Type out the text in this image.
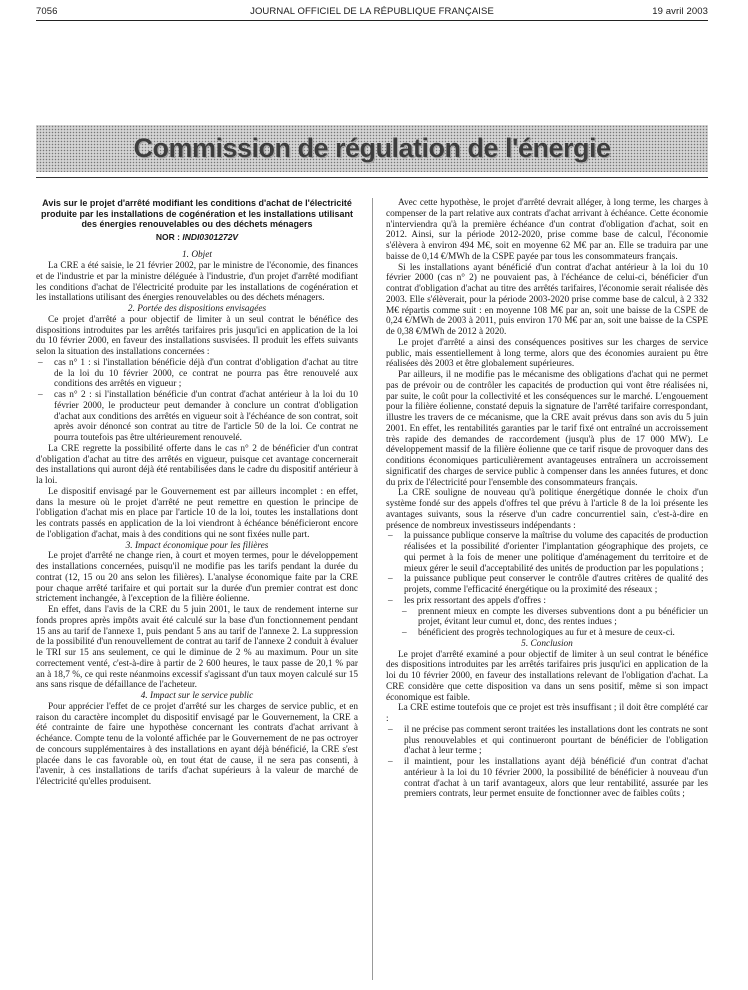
7056	JOURNAL OFFICIEL DE LA RÉPUBLIQUE FRANÇAISE	19 avril 2003
Commission de régulation de l'énergie

Avis sur le projet d'arrêté modifiant les conditions d'achat de l'électricité produite par les installations de cogénération et les installations utilisant des énergies renouvelables ou des déchets ménagers

NOR : INDI0301272V

1. Objet

La CRE a été saisie, le 21 février 2002, par le ministre de l'économie, des finances et de l'industrie et par la ministre déléguée à l'industrie, d'un projet d'arrêté modifiant les conditions d'achat de l'électricité produite par les installations de cogénération et les installations utilisant des énergies renouvelables ou des déchets ménagers.

2. Portée des dispositions envisagées

Ce projet d'arrêté a pour objectif de limiter à un seul contrat le bénéfice des dispositions introduites par les arrêtés tarifaires pris jusqu'ici en application de la loi du 10 février 2000, en faveur des installations susvisées. Il produit les effets suivants selon la situation des installations concernées :

– cas n° 1 : si l'installation bénéficie déjà d'un contrat d'obligation d'achat au titre de la loi du 10 février 2000, ce contrat ne pourra pas être renouvelé aux conditions des arrêtés en vigueur ;
– cas n° 2 : si l'installation bénéficie d'un contrat d'achat antérieur à la loi du 10 février 2000, le producteur peut demander à conclure un contrat d'obligation d'achat aux conditions des arrêtés en vigueur soit à l'échéance de son contrat, soit après avoir dénoncé son contrat au titre de l'article 50 de la loi. Ce contrat ne pourra toutefois pas être ultérieurement renouvelé.

La CRE regrette la possibilité offerte dans le cas n° 2 de bénéficier d'un contrat d'obligation d'achat au titre des arrêtés en vigueur, puisque cet avantage concernerait des installations qui auront déjà été rentabilisées dans le cadre du dispositif antérieur à la loi.

Le dispositif envisagé par le Gouvernement est par ailleurs incomplet : en effet, dans la mesure où le projet d'arrêté ne peut remettre en question le principe de l'obligation d'achat mis en place par l'article 10 de la loi, toutes les installations dont les contrats passés en application de la loi viendront à échéance bénéficieront encore de l'obligation d'achat, mais à des conditions qui ne sont fixées nulle part.

3. Impact économique pour les filières

Le projet d'arrêté ne change rien, à court et moyen termes, pour le développement des installations concernées, puisqu'il ne modifie pas les tarifs pendant la durée du contrat (12, 15 ou 20 ans selon les filières). L'analyse économique faite par la CRE pour chaque arrêté tarifaire et qui portait sur la durée d'un premier contrat est donc strictement inchangée, à l'exception de la filière éolienne.

En effet, dans l'avis de la CRE du 5 juin 2001, le taux de rendement interne sur fonds propres après impôts avait été calculé sur la base d'un fonctionnement pendant 15 ans au tarif de l'annexe 1, puis pendant 5 ans au tarif de l'annexe 2. La suppression de la possibilité d'un renouvellement de contrat au tarif de l'annexe 2 conduit à évaluer le TRI sur 15 ans seulement, ce qui le diminue de 2 % au maximum. Pour un site correctement venté, c'est-à-dire à partir de 2 600 heures, le taux passe de 20,1 % par an à 18,7 %, ce qui reste néanmoins excessif s'agissant d'un taux moyen calculé sur 15 ans sans risque de défaillance de l'acheteur.

4. Impact sur le service public

Pour apprécier l'effet de ce projet d'arrêté sur les charges de service public, et en raison du caractère incomplet du dispositif envisagé par le Gouvernement, la CRE a été contrainte de faire une hypothèse concernant les contrats d'achat arrivant à échéance. Compte tenu de la volonté affichée par le Gouvernement de ne pas octroyer de concours supplémentaires à des installations en ayant déjà bénéficié, la CRE s'est placée dans le cas favorable où, en tout état de cause, il ne sera pas consenti, à l'avenir, à ces installations de tarifs d'achat supérieurs à la valeur de marché de l'électricité qu'elles produisent.

Avec cette hypothèse, le projet d'arrêté devrait alléger, à long terme, les charges à compenser de la part relative aux contrats d'achat arrivant à échéance. Cette économie n'interviendra qu'à la première échéance d'un contrat d'obligation d'achat, soit en 2012. Ainsi, sur la période 2012-2020, prise comme base de calcul, l'économie s'élèvera à environ 494 M€, soit en moyenne 62 M€ par an. Elle se traduira par une baisse de 0,14 €/MWh de la CSPE payée par tous les consommateurs français.

Si les installations ayant bénéficié d'un contrat d'achat antérieur à la loi du 10 février 2000 (cas n° 2) ne pouvaient pas, à l'échéance de celui-ci, bénéficier d'un contrat d'obligation d'achat au titre des arrêtés tarifaires, l'économie serait réalisée dès 2003. Elle s'élèverait, pour la période 2003-2020 prise comme base de calcul, à 2 332 M€ répartis comme suit : en moyenne 108 M€ par an, soit une baisse de la CSPE de 0,24 €/MWh de 2003 à 2011, puis environ 170 M€ par an, soit une baisse de la CSPE de 0,38 €/MWh de 2012 à 2020.

Le projet d'arrêté a ainsi des conséquences positives sur les charges de service public, mais essentiellement à long terme, alors que des économies auraient pu être réalisées dès 2003 et être globalement supérieures.

Par ailleurs, il ne modifie pas le mécanisme des obligations d'achat qui ne permet pas de prévoir ou de contrôler les capacités de production qui vont être réalisées ni, par suite, le coût pour la collectivité et les conséquences sur le marché. L'engouement pour la filière éolienne, constaté depuis la signature de l'arrêté tarifaire correspondant, illustre les travers de ce mécanisme, que la CRE avait prévus dans son avis du 5 juin 2001. En effet, les rentabilités garanties par le tarif fixé ont entraîné un accroissement très rapide des demandes de raccordement (jusqu'à plus de 17 000 MW). Le développement massif de la filière éolienne que ce tarif risque de provoquer dans des conditions économiques particulièrement avantageuses entraînera un accroissement significatif des charges de service public à compenser dans les années futures, et donc du prix de l'électricité pour l'ensemble des consommateurs français.

La CRE souligne de nouveau qu'à politique énergétique donnée le choix d'un système fondé sur des appels d'offres tel que prévu à l'article 8 de la loi présente les avantages suivants, sous la réserve d'un cadre concurrentiel sain, c'est-à-dire en présence de nombreux investisseurs indépendants :

– la puissance publique conserve la maîtrise du volume des capacités de production réalisées et la possibilité d'orienter l'implantation géographique des projets, ce qui permet à la fois de mener une politique d'aménagement du territoire et de mieux gérer le seuil d'acceptabilité des unités de production par les populations ;
– la puissance publique peut conserver le contrôle d'autres critères de qualité des projets, comme l'efficacité énergétique ou la proximité des réseaux ;
– les prix ressortant des appels d'offres :
– prennent mieux en compte les diverses subventions dont a pu bénéficier un projet, évitant leur cumul et, donc, des rentes indues ;
– bénéficient des progrès technologiques au fur et à mesure de ceux-ci.

5. Conclusion

Le projet d'arrêté examiné a pour objectif de limiter à un seul contrat le bénéfice des dispositions introduites par les arrêtés tarifaires pris jusqu'ici en application de la loi du 10 février 2000, en faveur des installations relevant de l'obligation d'achat. La CRE considère que cette disposition va dans un sens positif, même si son impact économique est faible.

La CRE estime toutefois que ce projet est très insuffisant ; il doit être complété car :

– il ne précise pas comment seront traitées les installations dont les contrats ne sont plus renouvelables et qui continueront pourtant de bénéficier de l'obligation d'achat à leur terme ;
– il maintient, pour les installations ayant déjà bénéficié d'un contrat d'achat antérieur à la loi du 10 février 2000, la possibilité de bénéficier à nouveau d'un contrat d'achat à un tarif avantageux, alors que leur rentabilité, assurée par les premiers contrats, leur permet ensuite de fonctionner avec de faibles coûts ;
